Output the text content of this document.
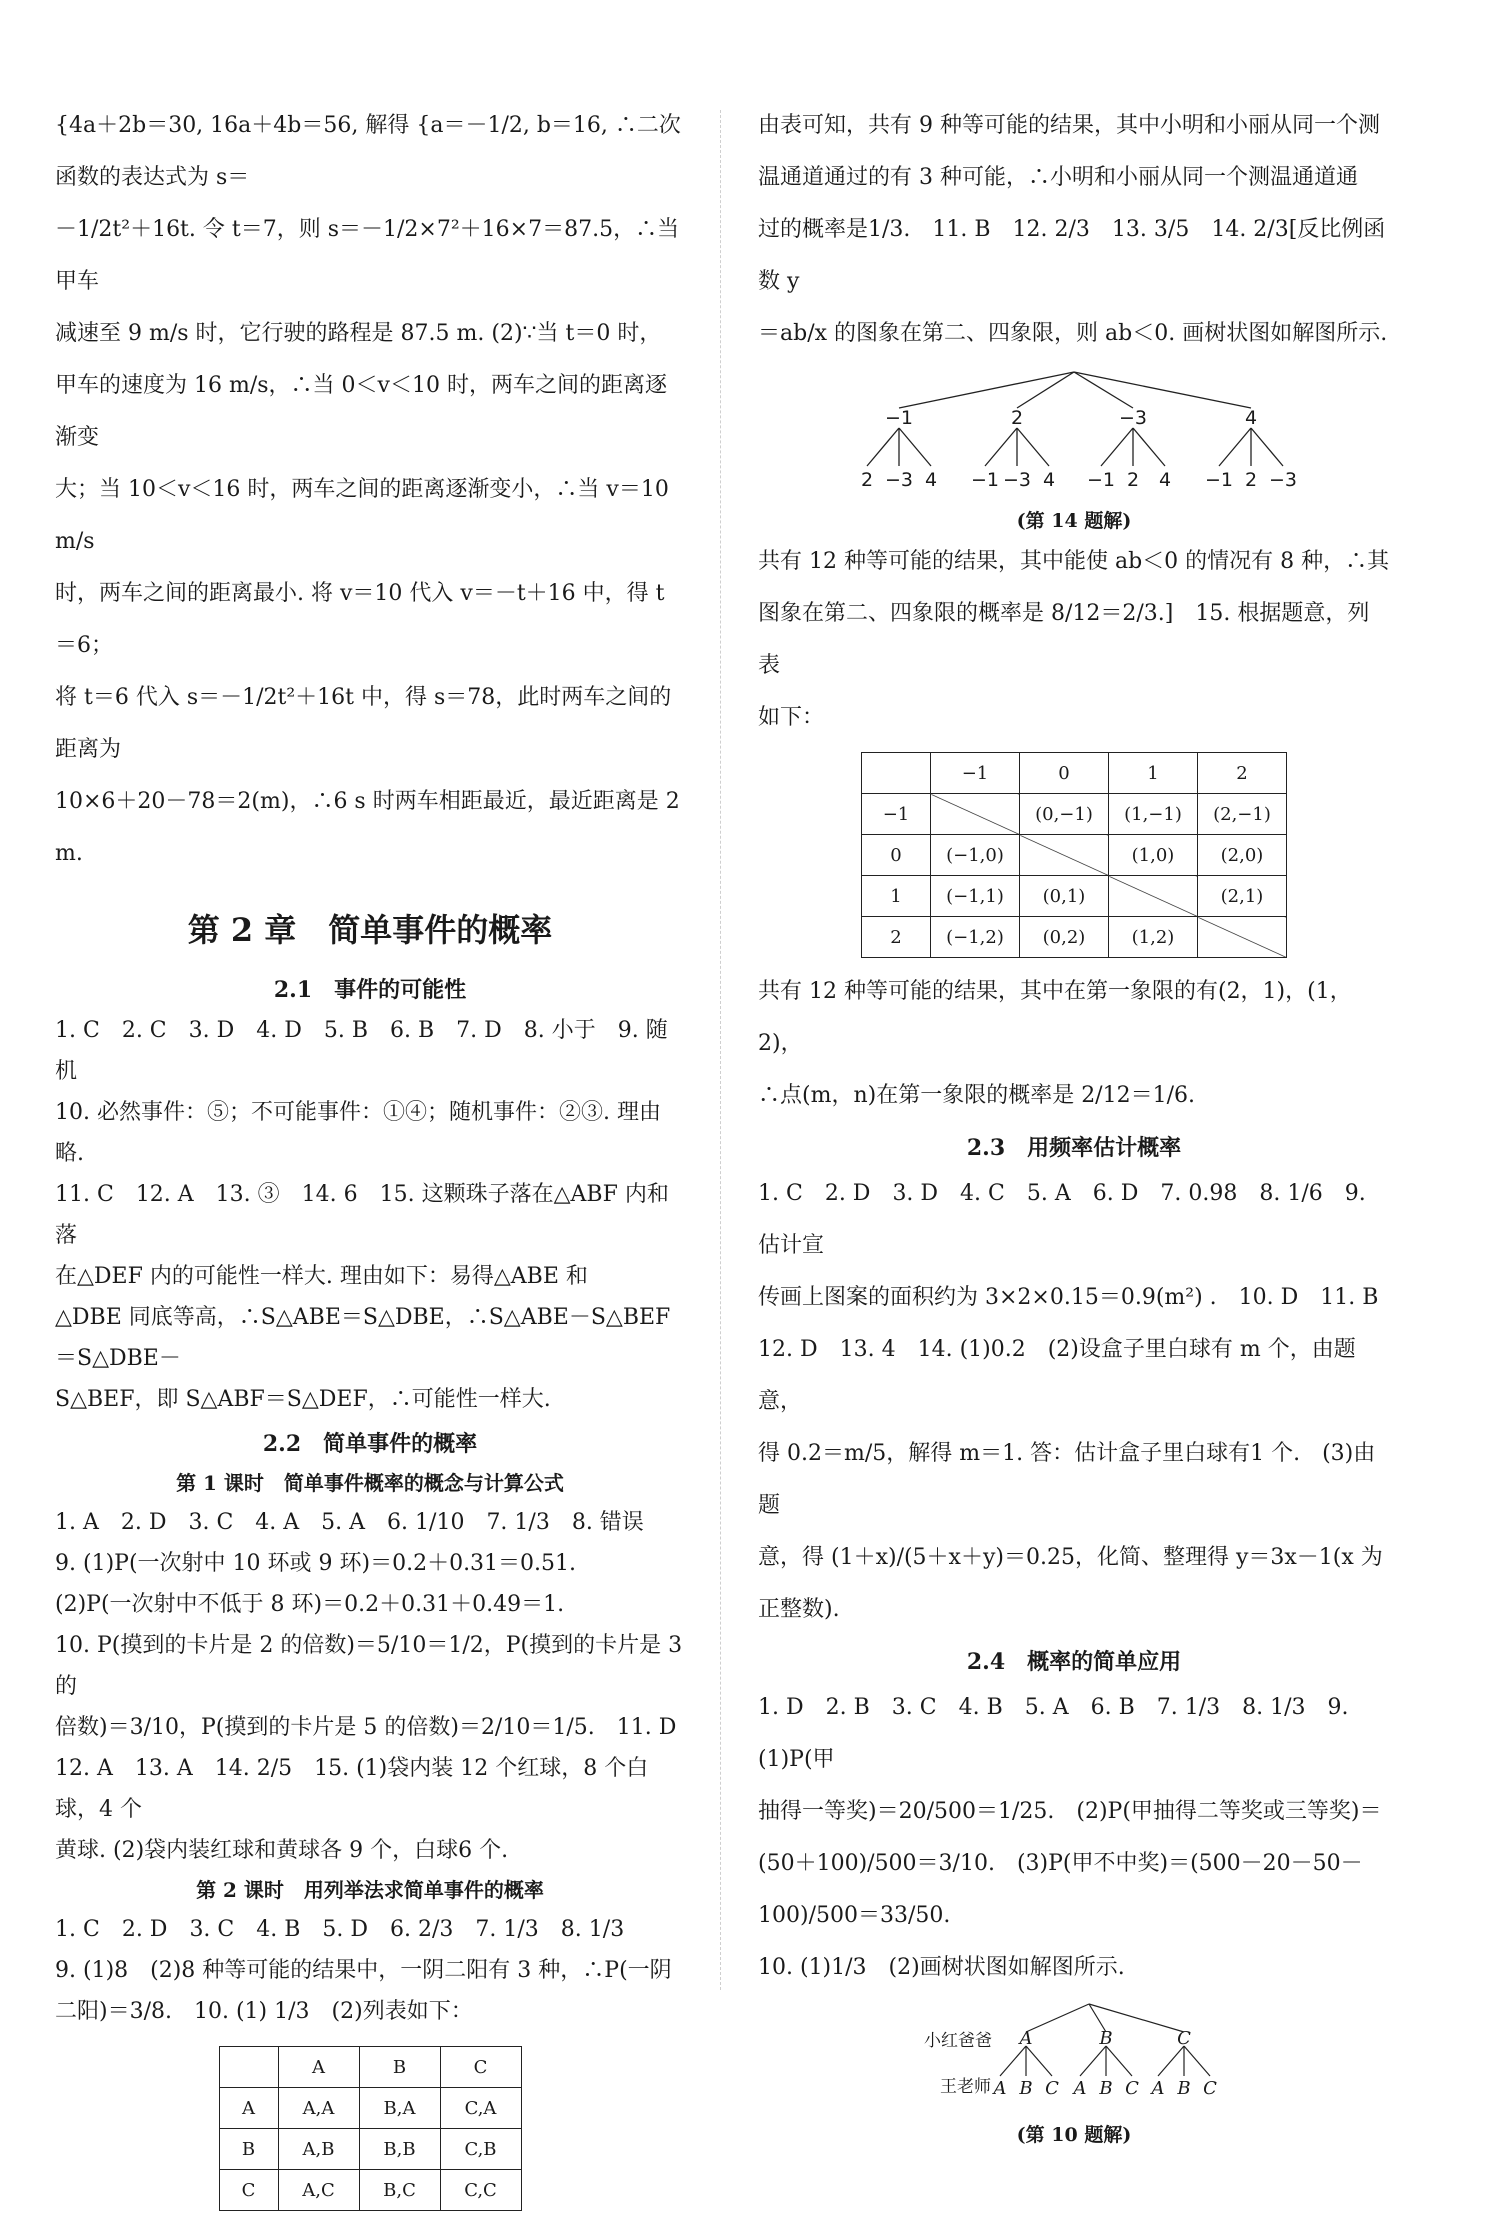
{4a＋2b＝30, 16a＋4b＝56, 解得 {a＝－1/2, b＝16, ∴二次函数的表达式为 s＝

－1/2t²＋16t. 令 t＝7，则 s＝－1/2×7²＋16×7＝87.5，∴当甲车

减速至 9 m/s 时，它行驶的路程是 87.5 m. (2)∵当 t＝0 时，

甲车的速度为 16 m/s，∴当 0＜v＜10 时，两车之间的距离逐渐变

大；当 10＜v＜16 时，两车之间的距离逐渐变小，∴当 v＝10 m/s

时，两车之间的距离最小. 将 v＝10 代入 v＝－t＋16 中，得 t＝6；

将 t＝6 代入 s＝－1/2t²＋16t 中，得 s＝78，此时两车之间的距离为

10×6＋20－78＝2(m)，∴6 s 时两车相距最近，最近距离是 2 m.

第 2 章　简单事件的概率
2.1　事件的可能性

1. C　2. C　3. D　4. D　5. B　6. B　7. D　8. 小于　9. 随机

10. 必然事件：⑤；不可能事件：①④；随机事件：②③. 理由略.

11. C　12. A　13. ③　14. 6　15. 这颗珠子落在△ABF 内和落

在△DEF 内的可能性一样大. 理由如下：易得△ABE 和

△DBE 同底等高，∴S△ABE＝S△DBE，∴S△ABE－S△BEF＝S△DBE－

S△BEF，即 S△ABF＝S△DEF，∴可能性一样大.

2.2　简单事件的概率
第 1 课时　简单事件概率的概念与计算公式

1. A　2. D　3. C　4. A　5. A　6. 1/10　7. 1/3　8. 错误

9. (1)P(一次射中 10 环或 9 环)＝0.2＋0.31＝0.51.

(2)P(一次射中不低于 8 环)＝0.2＋0.31＋0.49＝1.

10. P(摸到的卡片是 2 的倍数)＝5/10＝1/2，P(摸到的卡片是 3 的

倍数)＝3/10，P(摸到的卡片是 5 的倍数)＝2/10＝1/5.　11. D

12. A　13. A　14. 2/5　15. (1)袋内装 12 个红球，8 个白球，4 个

黄球. (2)袋内装红球和黄球各 9 个，白球6 个.

第 2 课时　用列举法求简单事件的概率

1. C　2. D　3. C　4. B　5. D　6. 2/3　7. 1/3　8. 1/3

9. (1)8　(2)8 种等可能的结果中，一阴二阳有 3 种，∴P(一阴

二阳)＝3/8.　10. (1) 1/3　(2)列表如下：

	A	B	C
A	A,A	B,A	C,A
B	A,B	B,B	C,B
C	A,C	B,C	C,C

由表可知，共有 9 种等可能的结果，其中小明和小丽从同一个测

温通道通过的有 3 种可能，∴小明和小丽从同一个测温通道通

过的概率是1/3.　11. B　12. 2/3　13. 3/5　14. 2/3[反比例函数 y

＝ab/x 的图象在第二、四象限，则 ab＜0. 画树状图如解图所示.

−1	2	−3	4
2 −3 4 −1 −3 4 −1 2 4 −1 2 −3

(第 14 题解)

共有 12 种等可能的结果，其中能使 ab＜0 的情况有 8 种，∴其

图象在第二、四象限的概率是 8/12＝2/3.]　15. 根据题意，列表

如下：

	−1	0	1	2
−1		(0,−1)	(1,−1)	(2,−1)
0	(−1,0)		(1,0)	(2,0)
1	(−1,1)	(0,1)		(2,1)
2	(−1,2)	(0,2)	(1,2)	

共有 12 种等可能的结果，其中在第一象限的有(2，1)，(1，2)，

∴点(m，n)在第一象限的概率是 2/12＝1/6.

2.3　用频率估计概率

1. C　2. D　3. D　4. C　5. A　6. D　7. 0.98　8. 1/6　9. 估计宣

传画上图案的面积约为 3×2×0.15＝0.9(m²) .　10. D　11. B

12. D　13. 4　14. (1)0.2　(2)设盒子里白球有 m 个，由题意，

得 0.2＝m/5，解得 m＝1. 答：估计盒子里白球有1 个.　(3)由题

意，得 (1＋x)/(5＋x＋y)＝0.25，化简、整理得 y＝3x－1(x 为正整数).

2.4　概率的简单应用

1. D　2. B　3. C　4. B　5. A　6. B　7. 1/3　8. 1/3　9. (1)P(甲

抽得一等奖)＝20/500＝1/25.　(2)P(甲抽得二等奖或三等奖)＝

(50＋100)/500＝3/10.　(3)P(甲不中奖)＝(500－20－50－100)/500＝33/50.

10. (1)1/3　(2)画树状图如解图所示.

小红爸爸
王老师
A	B	C
A B C A B C A B C

(第 10 题解)
